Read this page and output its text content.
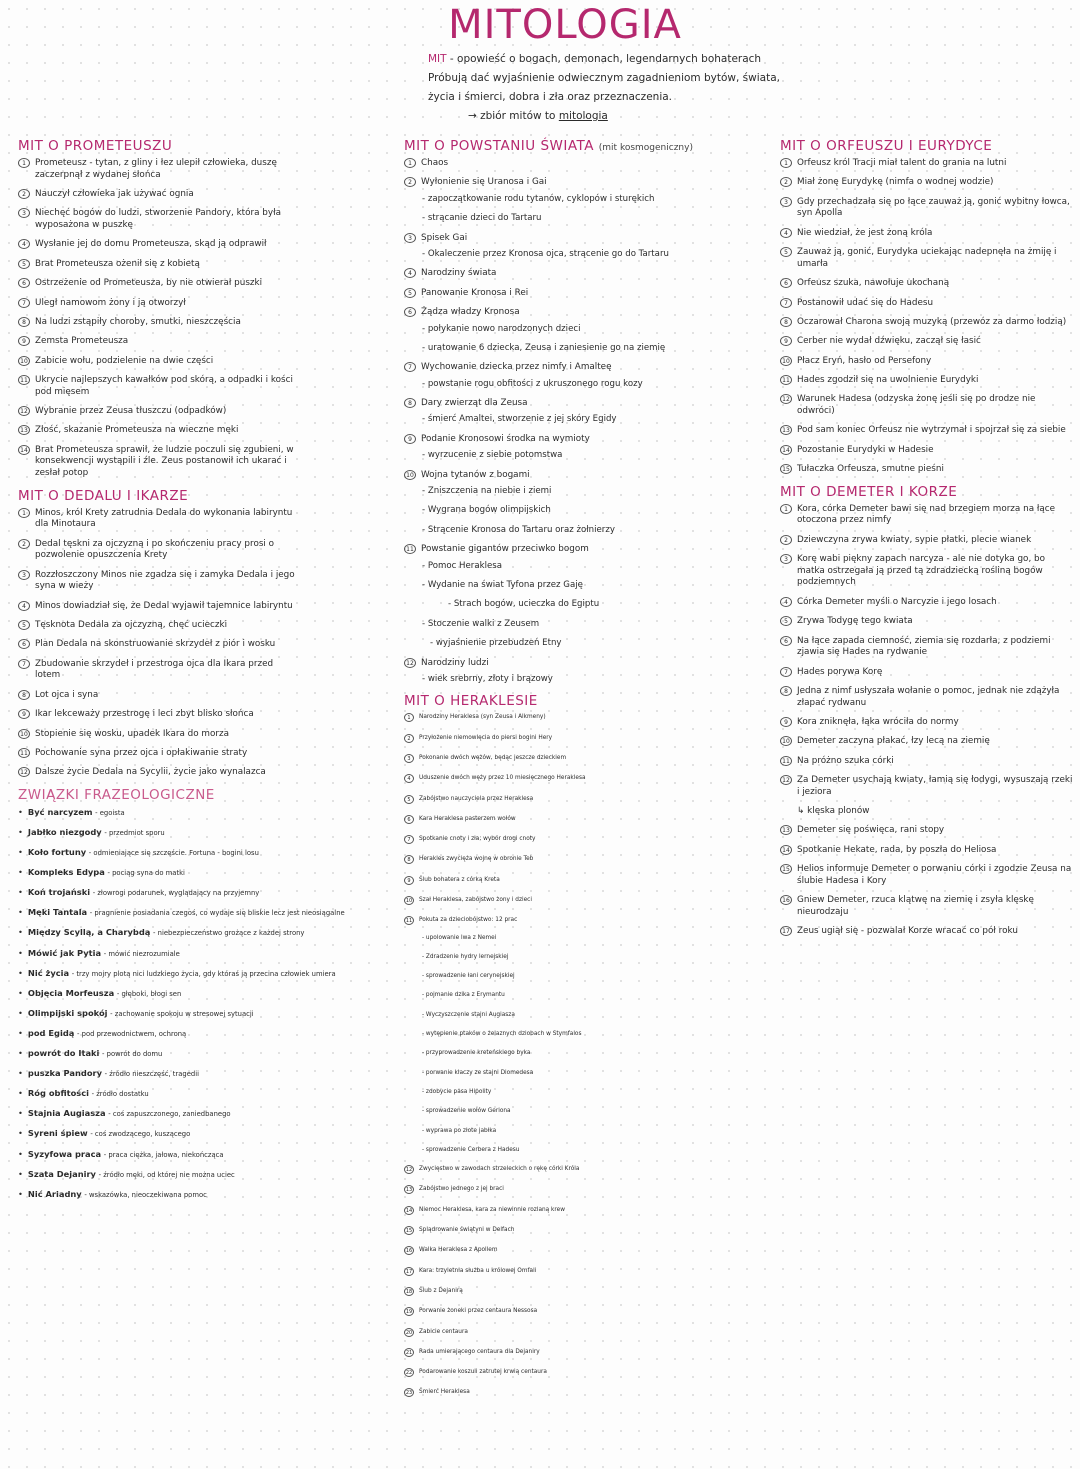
MITOLOGIA
MIT - opowieść o bogach, demonach, legendarnych bohaterach
Próbują dać wyjaśnienie odwiecznym zagadnieniom bytów, świata,
życia i śmierci, dobra i zła oraz przeznaczenia.
→ zbiór mitów to mitologia
MIT O PROMETEUSZU
1	Prometeusz - tytan, z gliny i łez ulepił człowieka, duszę zaczerpnął z wydanej słońca
2	Nauczył człowieka jak używać ognia
3	Niechęć bogów do ludzi, stworzenie Pandory, która była wyposażona w puszkę
4	Wysłanie jej do domu Prometeusza, skąd ją odprawił
5	Brat Prometeusza ożenił się z kobietą
6	Ostrzeżenie od Prometeusza, by nie otwierał puszki
7	Uległ namowom żony i ją otworzył
8	Na ludzi zstąpiły choroby, smutki, nieszczęścia
9	Zemsta Prometeusza
10 Zabicie wołu, podzielenie na dwie części
11 Ukrycie najlepszych kawałków pod skórą, a odpadki i kości pod mięsem
12 Wybranie przez Zeusa tłuszczu (odpadków)
13 Złość, skazanie Prometeusza na wieczne męki
14 Brat Prometeusza sprawił, że ludzie poczuli się zgubieni, w konsekwencji wystąpili i źle. Zeus postanowił ich ukarać i zesłał potop
MIT O DEDALU I IKARZE
1	Minos, król Krety zatrudnia Dedala do wykonania labiryntu dla Minotaura
2	Dedal tęskni za ojczyzną i po skończeniu pracy prosi o pozwolenie opuszczenia Krety
3	Rozzłoszczony Minos nie zgadza się i zamyka Dedala i jego syna w wieży
4	Minos dowiadział się, że Dedal wyjawił tajemnice labiryntu
5	Tęsknota Dedala za ojczyzną, chęć ucieczki
6	Plan Dedala na skonstruowanie skrzydeł z piór i wosku
7	Zbudowanie skrzydeł i przestroga ojca dla Ikara przed lotem
8	Lot ojca i syna
9	Ikar lekceważy przestrogę i leci zbyt blisko słońca
10 Stopienie się wosku, upadek Ikara do morza
11 Pochowanie syna przez ojca i opłakiwanie straty
12 Dalsze życie Dedala na Sycylii, życie jako wynalazca
ZWIĄZKI FRAZEOLOGICZNE
• Być narcyzem - egoista
• Jabłko niezgody - przedmiot sporu
• Koło fortuny - odmieniające się szczęście. Fortuna - bogini losu
• Kompleks Edypa - pociąg syna do matki
• Koń trojański - złowrogi podarunek, wyglądający na przyjemny
• Męki Tantala - pragnienie posiadania czegoś, co wydaje się bliskie lecz jest nieosiągalne
• Między Scyllą, a Charybdą - niebezpieczeństwo grożące z każdej strony
• Mówić jak Pytia - mówić niezrozumiale
• Nić życia - trzy mojry plotą nici ludzkiego życia, gdy któraś ją przecina człowiek umiera
• Objęcia Morfeusza - głęboki, błogi sen
• Olimpijski spokój - zachowanie spokoju w stresowej sytuacji
• pod Egidą - pod przewodnictwem, ochroną
• powrót do Itaki - powrót do domu
• puszka Pandory - źródło nieszczęść, tragedii
• Róg obfitości - źródło dostatku
• Stajnia Augiasza - coś zapuszczonego, zaniedbanego
• Syreni śpiew - coś zwodzącego, kuszącego
• Syzyfowa praca - praca ciężka, jałowa, niekończąca
• Szata Dejaniry - źródło męki, od której nie można uciec
• Nić Ariadny - wskazówka, nieoczekiwana pomoc
MIT O POWSTANIU ŚWIATA (mit kosmogeniczny)
1	Chaos
2	Wyłonienie się Uranosa i Gai
- zapoczątkowanie rodu tytanów, cyklopów i sturękich
- strącanie dzieci do Tartaru
3	Spisek Gai
- Okaleczenie przez Kronosa ojca, strącenie go do Tartaru
4	Narodziny świata
5	Panowanie Kronosa i Rei
6	Żądza władzy Kronosa
- połykanie nowo narodzonych dzieci
- uratowanie 6 dziecka, Zeusa i zaniesienie go na ziemię
7	Wychowanie dziecka przez nimfy i Amalteę
- powstanie rogu obfitości z ukruszonego rogu kozy
8	Dary zwierząt dla Zeusa
- śmierć Amaltei, stworzenie z jej skóry Egidy
9	Podanie Kronosowi środka na wymioty
- wyrzucenie z siebie potomstwa
10 Wojna tytanów z bogami
- Zniszczenia na niebie i ziemi
- Wygrana bogów olimpijskich
- Strącenie Kronosa do Tartaru oraz żołnierzy
11 Powstanie gigantów przeciwko bogom
- Pomoc Heraklesa
- Wydanie na świat Tyfona przez Gaję
- Strach bogów, ucieczka do Egiptu
- Stoczenie walki z Zeusem
- wyjaśnienie przebudzeń Etny
12 Narodziny ludzi
- wiek srebrny, złoty i brązowy
MIT O HERAKLESIE
1	Narodziny Heraklesa (syn Zeusa i Alkmeny)
2	Przyłożenie niemowlęcia do piersi bogini Hery
3	Pokonanie dwóch wężów, będąc jeszcze dzieckiem
4	Uduszenie dwóch węży przez 10 miesięcznego Heraklesa
5	Zabójstwo nauczyciela przez Heraklesa
6	Kara Heraklesa pasterzem wołów
7	Spotkanie cnoty i zła; wybór drogi cnoty
8	Herakles zwycięża wojnę w obronie Teb
9	Ślub bohatera z córką Kreta
10	Szał Heraklesa, zabójstwo żony i dzieci
11	Pokuta za dzieciobójstwo: 12 prac
- upolowanie lwa z Nemei
- Zdradzenie hydry lernejskiej
- sprowadzenie łani cerynejskiej
- pojmanie dzika z Erymantu
- Wyczyszczenie stajni Augiasza
- wytępienie ptaków o żelaznych dziobach w Stymfalos
- przyprowadzenie kreteńskiego byka
- porwanie klaczy ze stajni Diomedesa
- zdobycie pasa Hipolity
- sprowadzenie wołów Geriona
- wyprawa po złote jabłka
- sprowadzenie Cerbera z Hadesu
12	Zwycięstwo w zawodach strzeleckich o rękę córki Króla
13	Zabójstwo jednego z jej braci
14	Niemoc Heraklesa, kara za niewinnie rozlaną krew
15	Splądrowanie świątyni w Delfach
16	Walka Heraklesa z Apollem
17	Kara: trzyletnia służba u królowej Omfali
18	Ślub z Dejanirą
19	Porwanie żoneki przez centaura Nessosa
20	Zabicie centaura
21	Rada umierającego centaura dla Dejaniry
22	Podarowanie koszuli zatrutej krwią centaura
23	Śmierć Heraklesa
MIT O ORFEUSZU I EURYDYCE
1	Orfeusz król Tracji miał talent do grania na lutni
2	Miał żonę Eurydykę (nimfa o wodnej wodzie)
3	Gdy przechadzała się po łące zauważ ją, gonić wybitny łowca, syn Apolla
4	Nie wiedział, że jest żoną króla
5	Zauważ ją, gonić, Eurydyka uciekając nadepnęła na żmiję i umarła
6	Orfeusz szuka, nawołuje ukochaną
7	Postanowił udać się do Hadesu
8	Oczarował Charona swoją muzyką (przewóz za darmo łodzią)
9	Cerber nie wydał dźwięku, zaczął się łasić
10 Płacz Eryń, hasło od Persefony
11 Hades zgodził się na uwolnienie Eurydyki
12 Warunek Hadesa (odzyska żonę jeśli się po drodze nie odwróci)
13 Pod sam koniec Orfeusz nie wytrzymał i spojrzał się za siebie
14 Pozostanie Eurydyki w Hadesie
15 Tułaczka Orfeusza, smutne pieśni
MIT O DEMETER I KORZE
1	Kora, córka Demeter bawi się nad brzegiem morza na łące otoczona przez nimfy
2	Dziewczyna zrywa kwiaty, sypie płatki, plecie wianek
3	Korę wabi piękny zapach narcyza - ale nie dotyka go, bo matka ostrzegała ją przed tą zdradziecką rośliną bogów podziemnych
4	Córka Demeter myśli o Narcyzie i jego losach
5	Zrywa Todygę tego kwiata
6	Na łące zapada ciemność, ziemia się rozdarła, z podziemi zjawia się Hades na rydwanie
7	Hades porywa Korę
8	Jedna z nimf usłyszała wołanie o pomoc, jednak nie zdążyła złapać rydwanu
9	Kora zniknęła, łąka wróciła do normy
10 Demeter zaczyna płakać, łzy lecą na ziemię
11 Na próżno szuka córki
12 Za Demeter usychają kwiaty, łamią się łodygi, wysuszają rzeki i jeziora
↳ klęska plonów
13 Demeter się poświęca, rani stopy
14 Spotkanie Hekate, rada, by poszła do Heliosa
15 Helios informuje Demeter o porwaniu córki i zgodzie Zeusa na ślubie Hadesa i Kory
16 Gniew Demeter, rzuca klątwę na ziemię i zsyła klęskę nieurodzaju
17 Zeus ugiął się - pozwalał Korze wracać co pół roku
